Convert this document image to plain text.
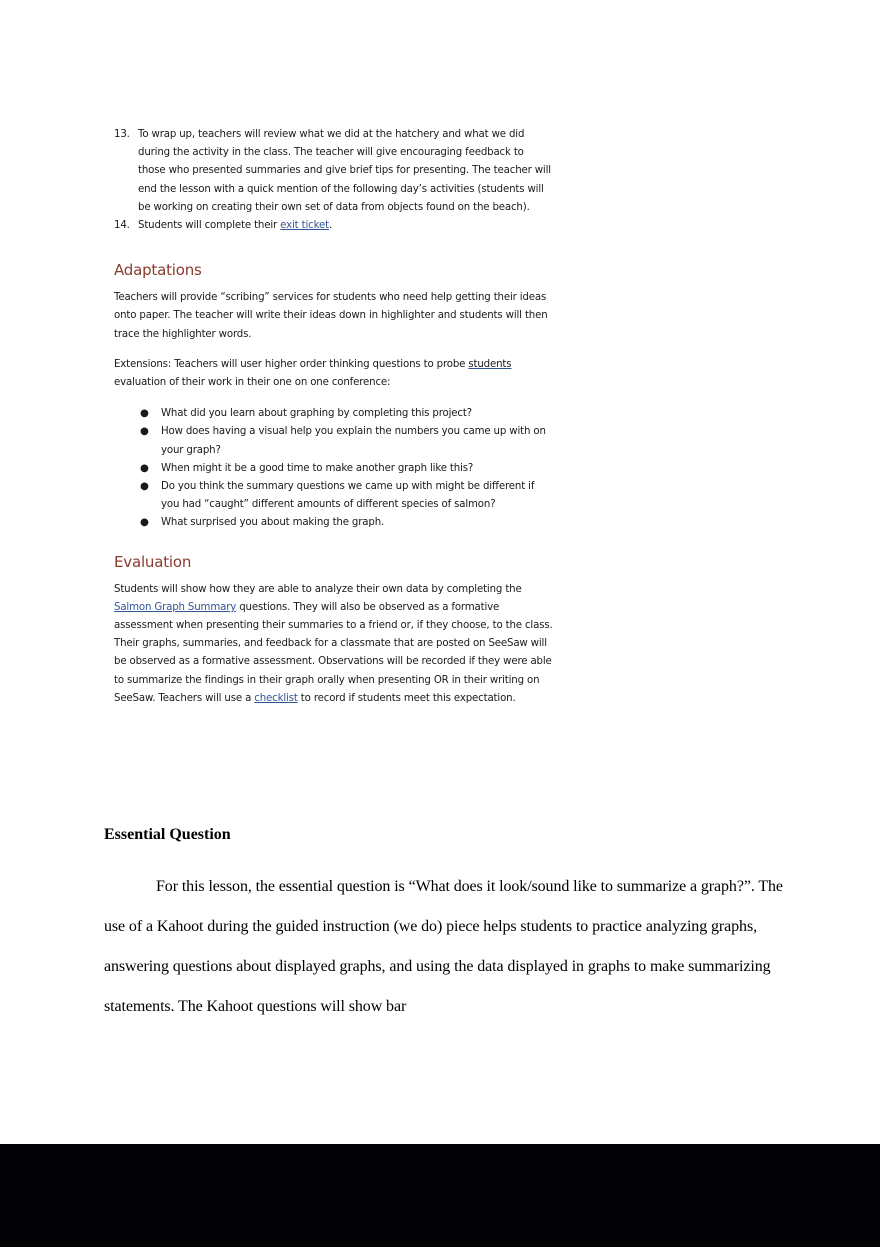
13. To wrap up, teachers will review what we did at the hatchery and what we did during the activity in the class. The teacher will give encouraging feedback to those who presented summaries and give brief tips for presenting. The teacher will end the lesson with a quick mention of the following day’s activities (students will be working on creating their own set of data from objects found on the beach).
14. Students will complete their exit ticket.
Adaptations

Teachers will provide “scribing” services for students who need help getting their ideas onto paper. The teacher will write their ideas down in highlighter and students will then trace the highlighter words.

Extensions: Teachers will user higher order thinking questions to probe students evaluation of their work in their one on one conference:

● What did you learn about graphing by completing this project?
● How does having a visual help you explain the numbers you came up with on your graph?
● When might it be a good time to make another graph like this?
● Do you think the summary questions we came up with might be different if you had “caught” different amounts of different species of salmon?
● What surprised you about making the graph.
Evaluation

Students will show how they are able to analyze their own data by completing the Salmon Graph Summary questions. They will also be observed as a formative assessment when presenting their summaries to a friend or, if they choose, to the class. Their graphs, summaries, and feedback for a classmate that are posted on SeeSaw will be observed as a formative assessment. Observations will be recorded if they were able to summarize the findings in their graph orally when presenting OR in their writing on SeeSaw. Teachers will use a checklist to record if students meet this expectation.

Essential Question

For this lesson, the essential question is “What does it look/sound like to summarize a graph?”. The use of a Kahoot during the guided instruction (we do) piece helps students to practice analyzing graphs, answering questions about displayed graphs, and using the data displayed in graphs to make summarizing statements. The Kahoot questions will show bar
